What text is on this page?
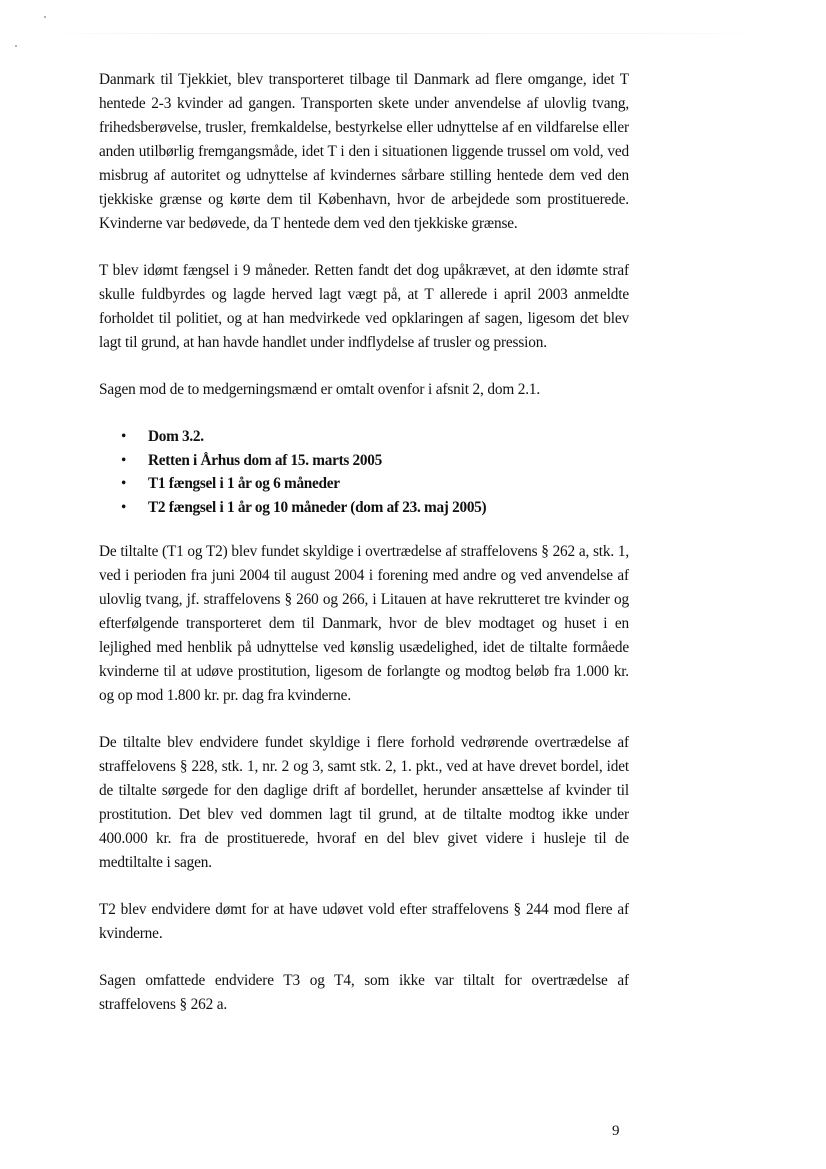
Danmark til Tjekkiet, blev transporteret tilbage til Danmark ad flere omgange, idet T hentede 2-3 kvinder ad gangen. Transporten skete under anvendelse af ulovlig tvang, frihedsberøvelse, trusler, fremkaldelse, bestyrkelse eller udnyttelse af en vildfarelse eller anden utilbørlig fremgangsmåde, idet T i den i situationen liggende trussel om vold, ved misbrug af autoritet og udnyttelse af kvindernes sårbare stilling hentede dem ved den tjekkiske grænse og kørte dem til København, hvor de arbejdede som prostituerede. Kvinderne var bedøvede, da T hentede dem ved den tjekkiske grænse.

T blev idømt fængsel i 9 måneder. Retten fandt det dog upåkrævet, at den idømte straf skulle fuldbyrdes og lagde herved lagt vægt på, at T allerede i april 2003 anmeldte forholdet til politiet, og at han medvirkede ved opklaringen af sagen, ligesom det blev lagt til grund, at han havde handlet under indflydelse af trusler og pression.

Sagen mod de to medgerningsmænd er omtalt ovenfor i afsnit 2, dom 2.1.

• Dom 3.2.
• Retten i Århus dom af 15. marts 2005
• T1 fængsel i 1 år og 6 måneder
• T2 fængsel i 1 år og 10 måneder (dom af 23. maj 2005)

De tiltalte (T1 og T2) blev fundet skyldige i overtrædelse af straffelovens § 262 a, stk. 1, ved i perioden fra juni 2004 til august 2004 i forening med andre og ved anvendelse af ulovlig tvang, jf. straffelovens § 260 og 266, i Litauen at have rekrutteret tre kvinder og efterfølgende transporteret dem til Danmark, hvor de blev modtaget og huset i en lejlighed med henblik på udnyttelse ved kønslig usædelighed, idet de tiltalte formåede kvinderne til at udøve prostitution, ligesom de forlangte og modtog beløb fra 1.000 kr. og op mod 1.800 kr. pr. dag fra kvinderne.

De tiltalte blev endvidere fundet skyldige i flere forhold vedrørende overtrædelse af straffelovens § 228, stk. 1, nr. 2 og 3, samt stk. 2, 1. pkt., ved at have drevet bordel, idet de tiltalte sørgede for den daglige drift af bordellet, herunder ansættelse af kvinder til prostitution. Det blev ved dommen lagt til grund, at de tiltalte modtog ikke under 400.000 kr. fra de prostituerede, hvoraf en del blev givet videre i husleje til de medtiltalte i sagen.

T2 blev endvidere dømt for at have udøvet vold efter straffelovens § 244 mod flere af kvinderne.

Sagen omfattede endvidere T3 og T4, som ikke var tiltalt for overtrædelse af straffelovens § 262 a.

9
